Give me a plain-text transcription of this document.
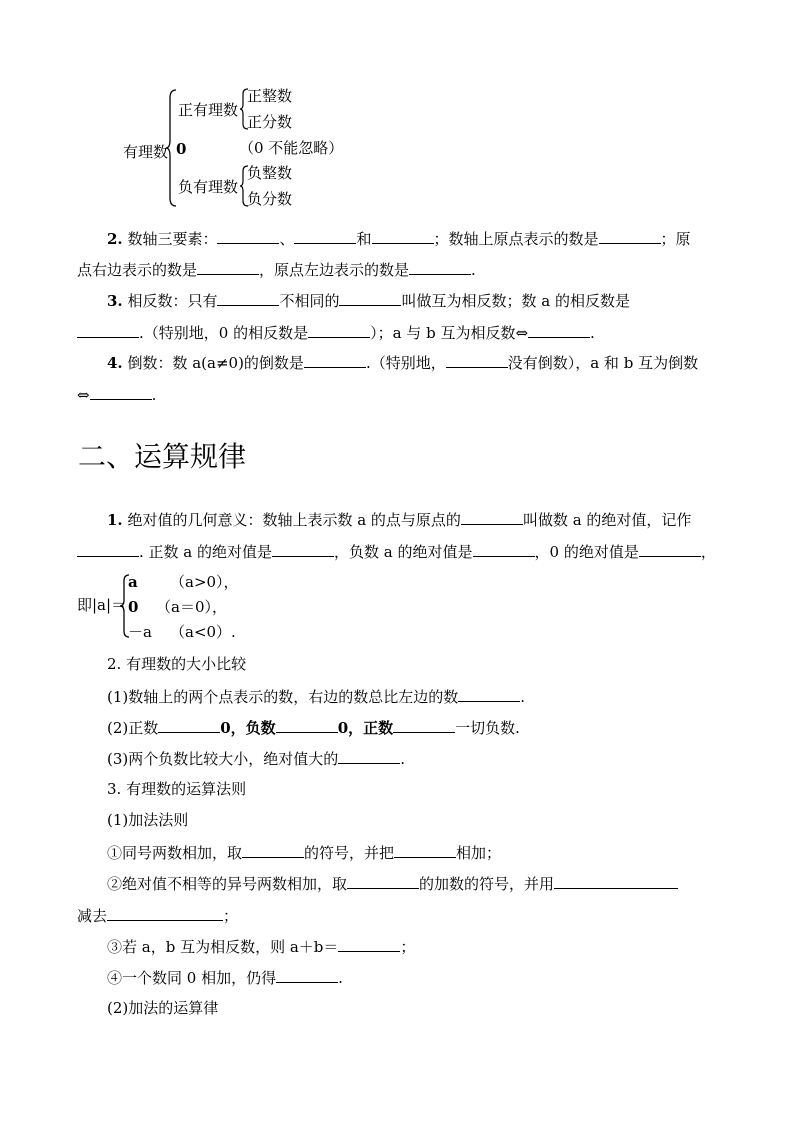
有理数
正有理数
正整数
正分数
0	（0 不能忽略）
负有理数
负整数
负分数
2. 数轴三要素：	、	和	；数轴上原点表示的数是	；原
点右边表示的数是	，原点左边表示的数是	.
3. 相反数：只有	不相同的	叫做互为相反数；数 a 的相反数是
.（特别地，0 的相反数是	）；a 与 b 互为相反数⇔	.
4. 倒数：数 a(a≠0)的倒数是	.（特别地，	没有倒数），a 和 b 互为倒数
⇔	.
二、运算规律
1. 绝对值的几何意义：数轴上表示数 a 的点与原点的	叫做数 a 的绝对值，记作
. 正数 a 的绝对值是	，负数 a 的绝对值是	，0 的绝对值是	，
即|a|＝
a （a>0），
0 （a＝0），
－a （a<0）.
2. 有理数的大小比较
(1)数轴上的两个点表示的数，右边的数总比左边的数	.
(2)正数	0，负数	0，正数	一切负数.
(3)两个负数比较大小，绝对值大的	.
3. 有理数的运算法则
(1)加法法则
①同号两数相加，取	的符号，并把	相加；
②绝对值不相等的异号两数相加，取	的加数的符号，并用
减去	；
③若 a，b 互为相反数，则 a＋b＝	；
④一个数同 0 相加，仍得	.
(2)加法的运算律
